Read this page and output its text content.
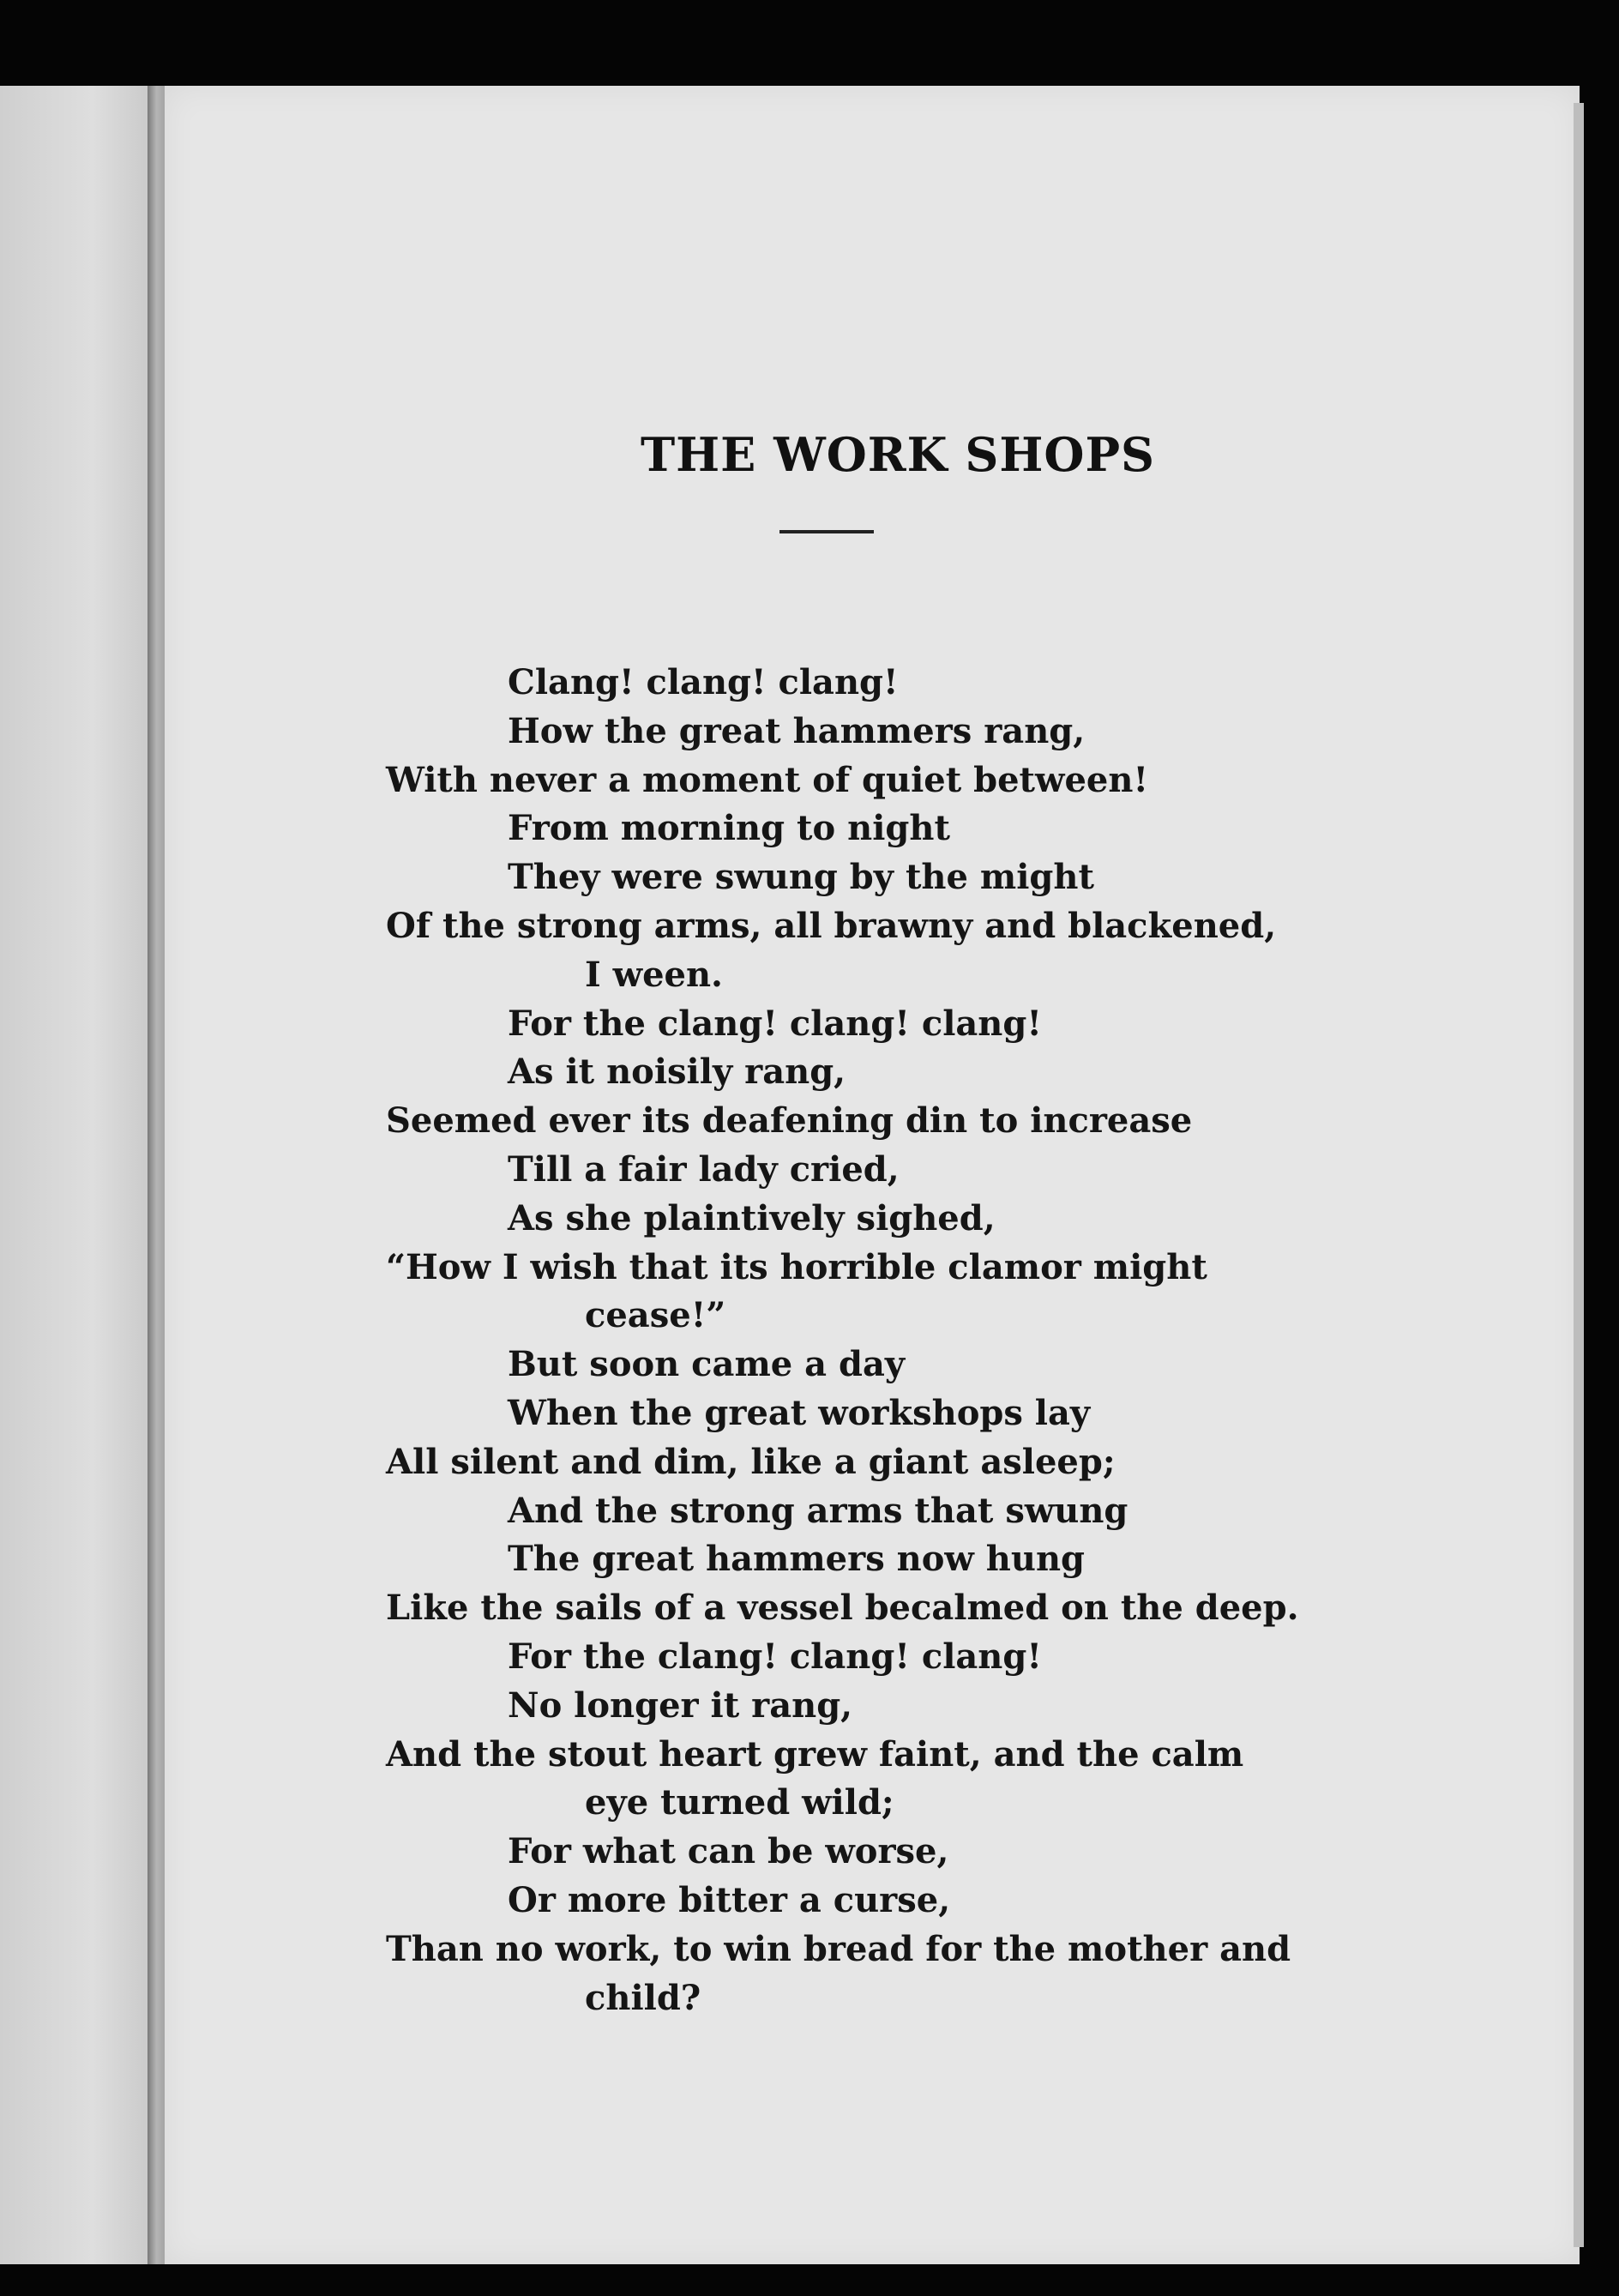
THE WORK SHOPS
Clang! clang! clang!
How the great hammers rang,
With never a moment of quiet between!
From morning to night
They were swung by the might
Of the strong arms, all brawny and blackened,
I ween.
For the clang! clang! clang!
As it noisily rang,
Seemed ever its deafening din to increase
Till a fair lady cried,
As she plaintively sighed,
“How I wish that its horrible clamor might
cease!”
But soon came a day
When the great workshops lay
All silent and dim, like a giant asleep;
And the strong arms that swung
The great hammers now hung
Like the sails of a vessel becalmed on the deep.
For the clang! clang! clang!
No longer it rang,
And the stout heart grew faint, and the calm
eye turned wild;
For what can be worse,
Or more bitter a curse,
Than no work, to win bread for the mother and
child?
